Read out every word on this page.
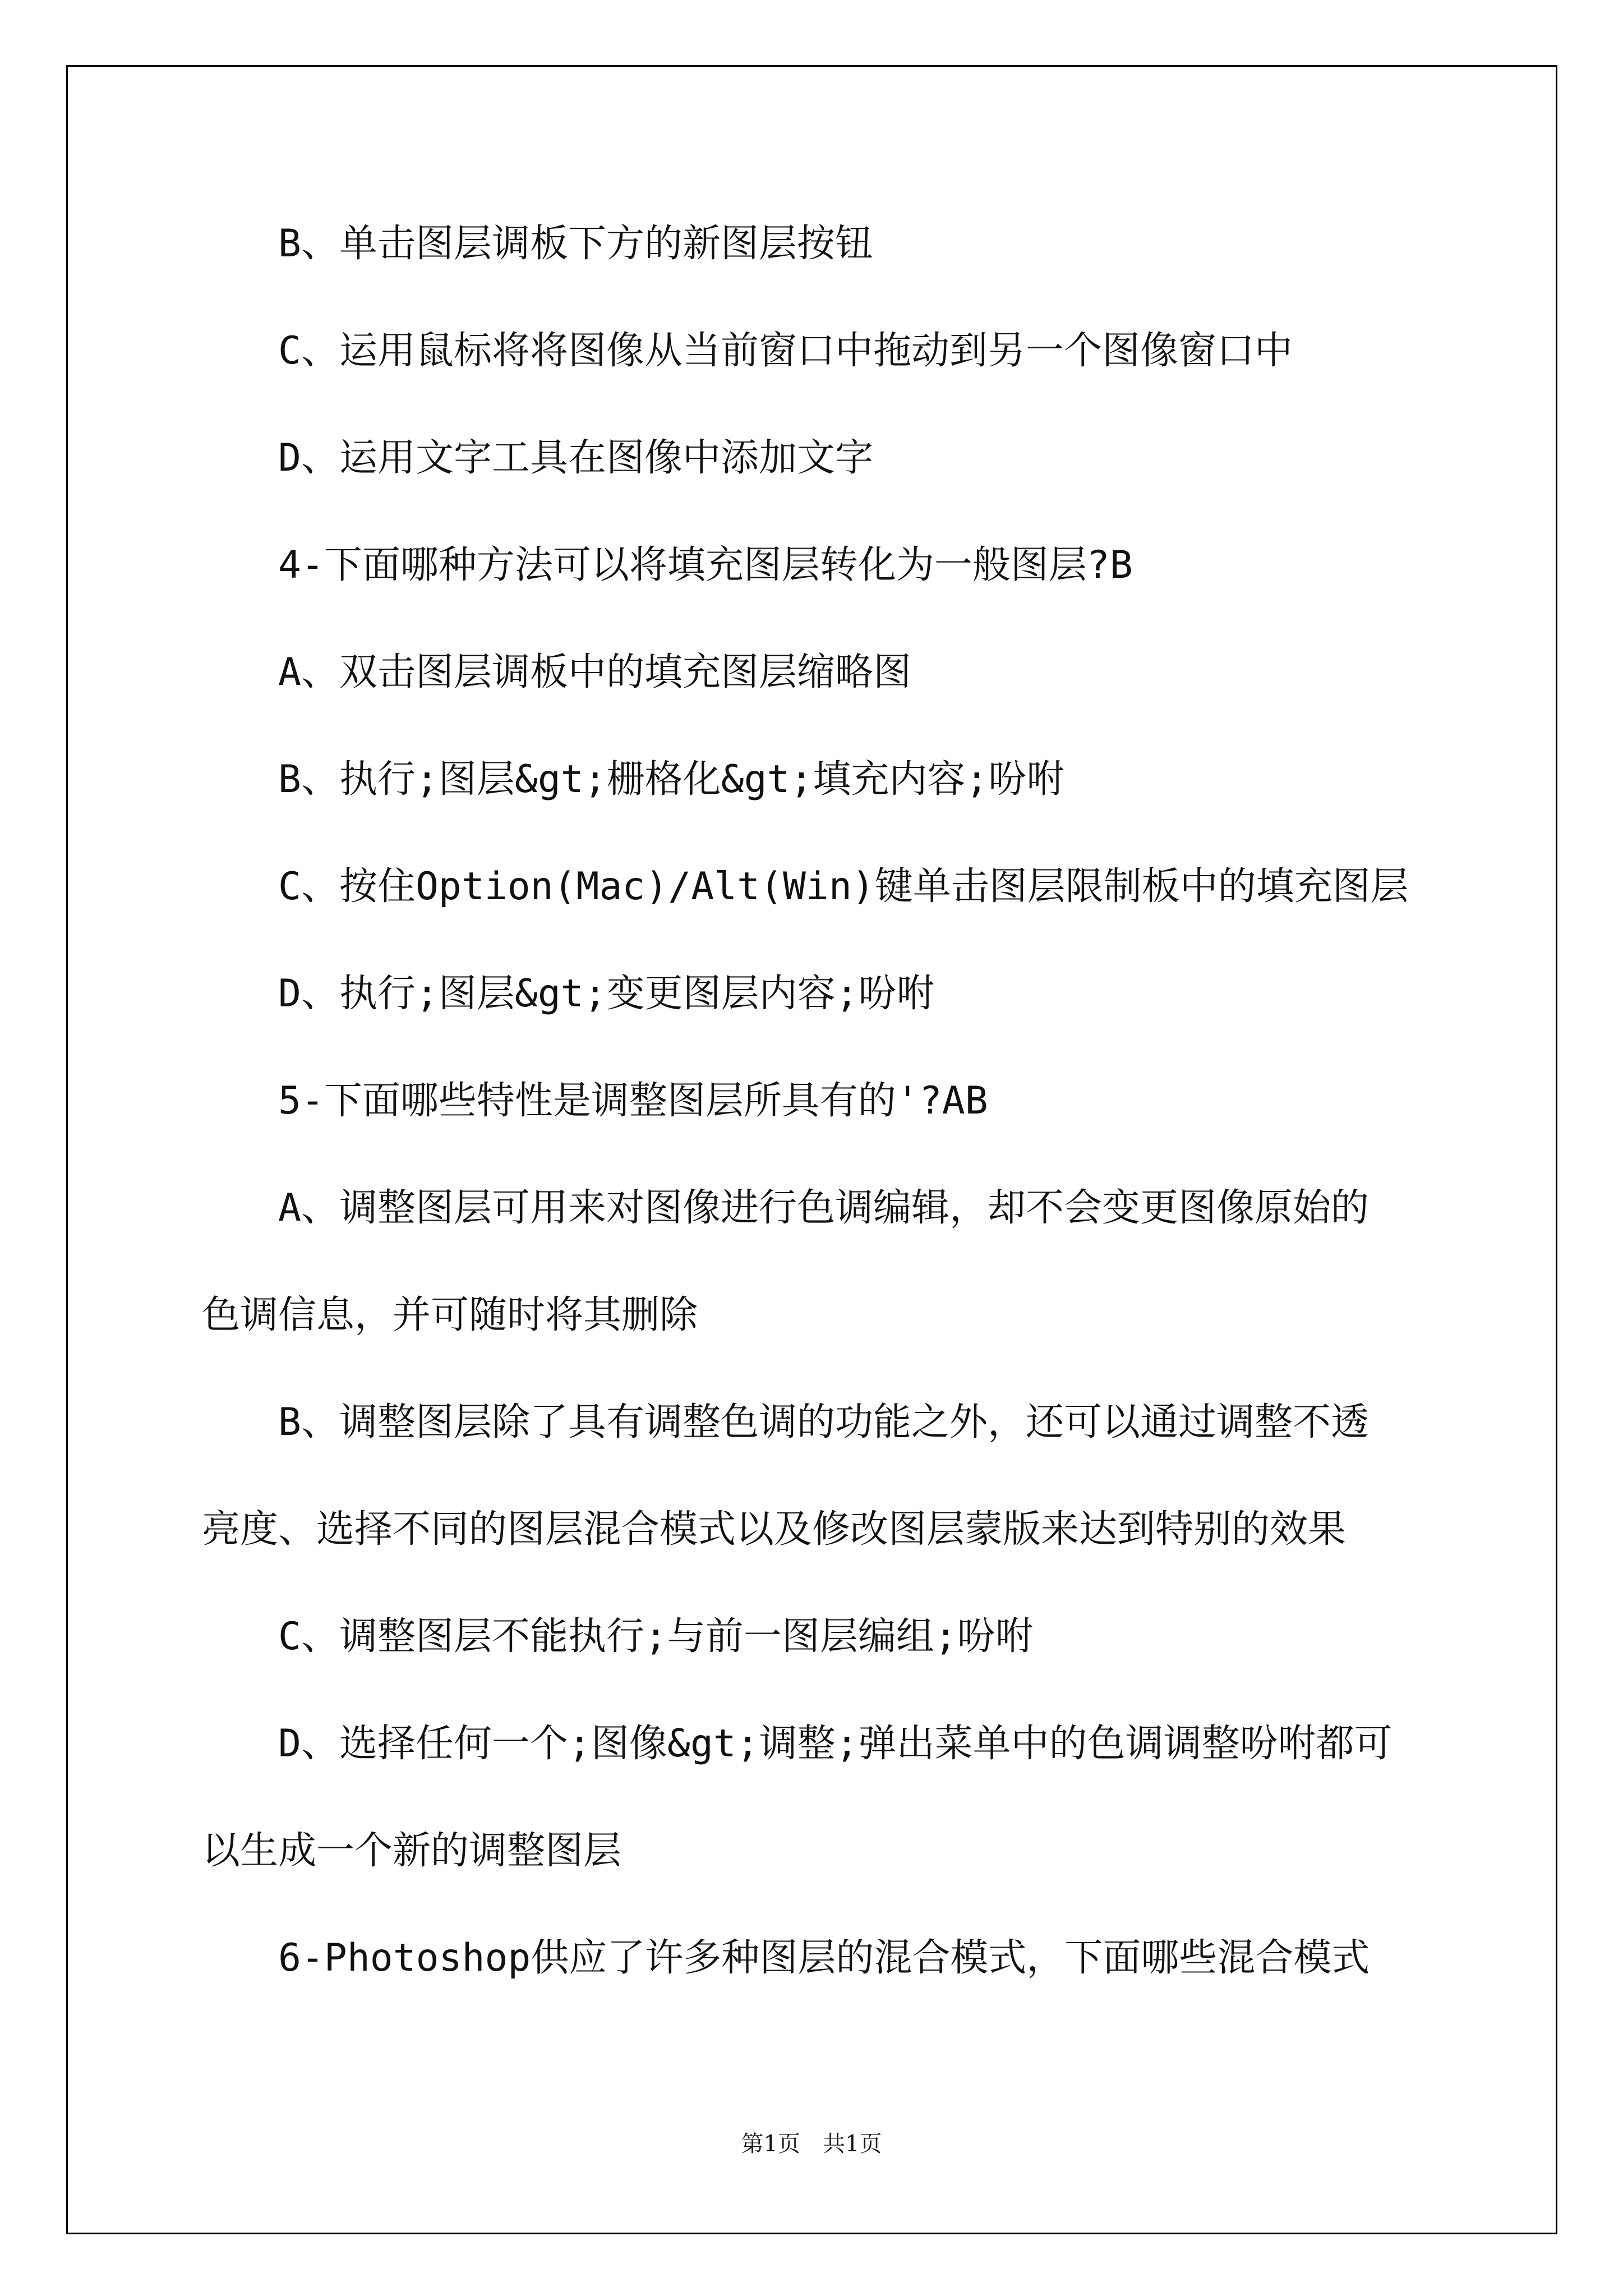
B、单击图层调板下方的新图层按钮
C、运用鼠标将将图像从当前窗口中拖动到另一个图像窗口中
D、运用文字工具在图像中添加文字
4-下面哪种方法可以将填充图层转化为一般图层?B
A、双击图层调板中的填充图层缩略图
B、执行;图层&gt;栅格化&gt;填充内容;吩咐
C、按住Option(Mac)/Alt(Win)键单击图层限制板中的填充图层
D、执行;图层&gt;变更图层内容;吩咐
5-下面哪些特性是调整图层所具有的'?AB
A、调整图层可用来对图像进行色调编辑，却不会变更图像原始的
色调信息，并可随时将其删除
B、调整图层除了具有调整色调的功能之外，还可以通过调整不透
亮度、选择不同的图层混合模式以及修改图层蒙版来达到特别的效果
C、调整图层不能执行;与前一图层编组;吩咐
D、选择任何一个;图像&gt;调整;弹出菜单中的色调调整吩咐都可
以生成一个新的调整图层
6-Photoshop供应了许多种图层的混合模式，下面哪些混合模式
第1页　共1页
